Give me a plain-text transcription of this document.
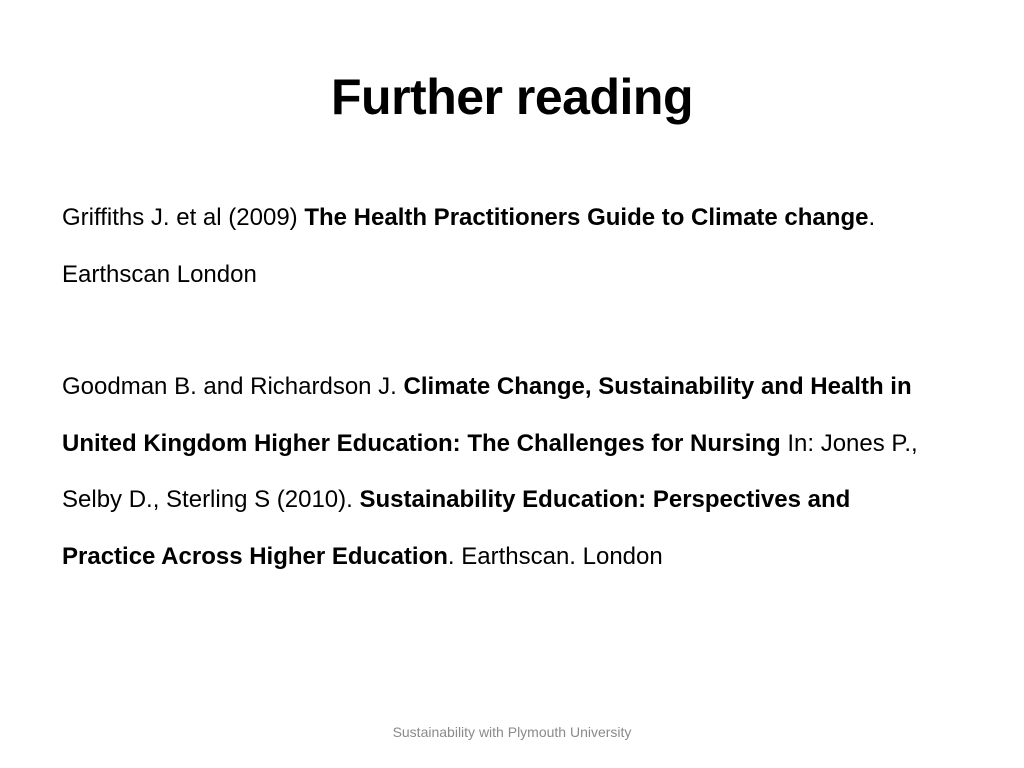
Further reading

Griffiths J. et al (2009) The Health Practitioners Guide to Climate change. Earthscan London

Goodman B. and Richardson J. Climate Change, Sustainability and Health in United Kingdom Higher Education: The Challenges for Nursing In: Jones P., Selby D., Sterling S (2010). Sustainability Education: Perspectives and Practice Across Higher Education. Earthscan. London

Sustainability with Plymouth University
